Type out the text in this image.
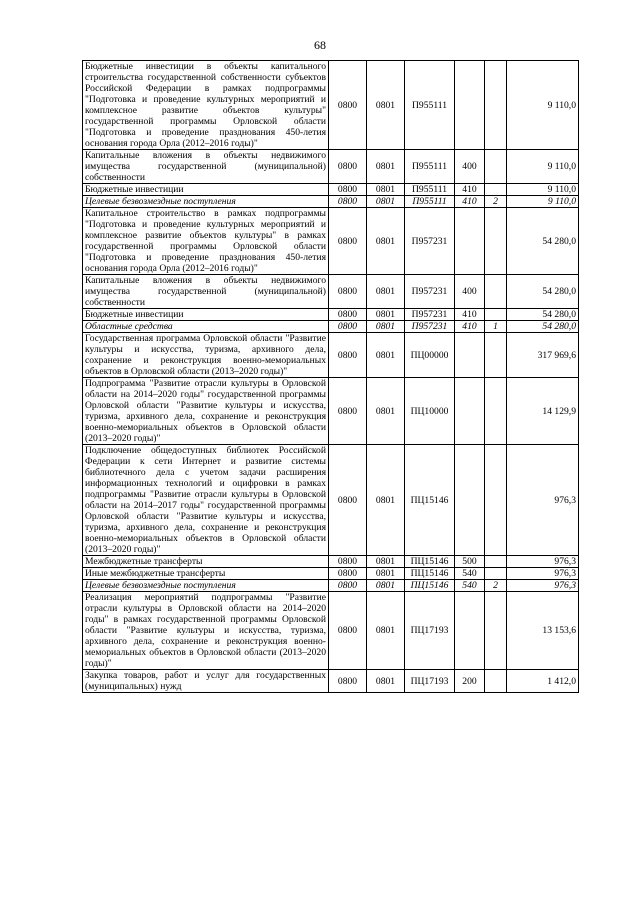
68
Бюджетные инвестиции в объекты капитального строительства государственной собственности субъектов Российской Федерации в рамках подпрограммы "Подготовка и проведение культурных мероприятий и комплексное развитие объектов культуры" государственной программы Орловской области "Подготовка и проведение празднования 450-летия основания города Орла (2012–2016 годы)"	0800	0801	П955111			9 110,0
Капитальные вложения в объекты недвижимого имущества государственной (муниципальной) собственности	0800	0801	П955111	400		9 110,0
Бюджетные инвестиции	0800	0801	П955111	410		9 110,0
Целевые безвозмездные поступления	0800	0801	П955111	410	2	9 110,0
Капитальное строительство в рамках подпрограммы "Подготовка и проведение культурных мероприятий и комплексное развитие объектов культуры" в рамках государственной программы Орловской области "Подготовка и проведение празднования 450-летия основания города Орла (2012–2016 годы)"	0800	0801	П957231			54 280,0
Капитальные вложения в объекты недвижимого имущества государственной (муниципальной) собственности	0800	0801	П957231	400		54 280,0
Бюджетные инвестиции	0800	0801	П957231	410		54 280,0
Областные средства	0800	0801	П957231	410	1	54 280,0
Государственная программа Орловской области "Развитие культуры и искусства, туризма, архивного дела, сохранение и реконструкция военно-мемориальных объектов в Орловской области (2013–2020 годы)"	0800	0801	ПЦ00000			317 969,6
Подпрограмма "Развитие отрасли культуры в Орловской области на 2014–2020 годы" государственной программы Орловской области "Развитие культуры и искусства, туризма, архивного дела, сохранение и реконструкция военно-мемориальных объектов в Орловской области (2013–2020 годы)"	0800	0801	ПЦ10000			14 129,9
Подключение общедоступных библиотек Российской Федерации к сети Интернет и развитие системы библиотечного дела с учетом задачи расширения информационных технологий и оцифровки в рамках подпрограммы "Развитие отрасли культуры в Орловской области на 2014–2017 годы" государственной программы Орловской области "Развитие культуры и искусства, туризма, архивного дела, сохранение и реконструкция военно-мемориальных объектов в Орловской области (2013–2020 годы)"	0800	0801	ПЦ15146			976,3
Межбюджетные трансферты	0800	0801	ПЦ15146	500		976,3
Иные межбюджетные трансферты	0800	0801	ПЦ15146	540		976,3
Целевые безвозмездные поступления	0800	0801	ПЦ15146	540	2	976,3
Реализация мероприятий подпрограммы "Развитие отрасли культуры в Орловской области на 2014–2020 годы" в рамках государственной программы Орловской области "Развитие культуры и искусства, туризма, архивного дела, сохранение и реконструкция военно-мемориальных объектов в Орловской области (2013–2020 годы)"	0800	0801	ПЦ17193			13 153,6
Закупка товаров, работ и услуг для государственных (муниципальных) нужд	0800	0801	ПЦ17193	200		1 412,0
